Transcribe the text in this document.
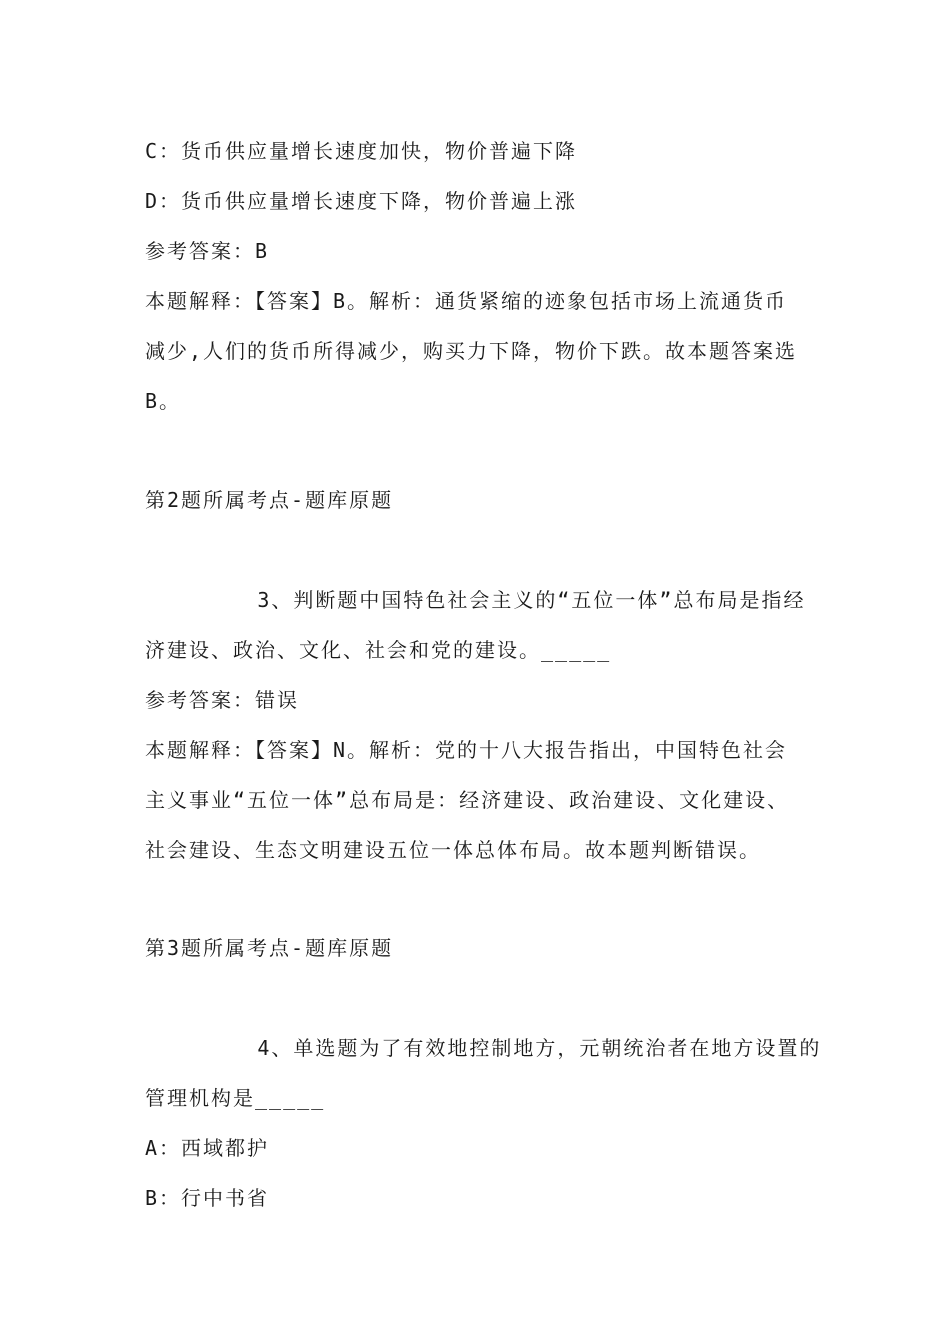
C：货币供应量增长速度加快，物价普遍下降

D：货币供应量增长速度下降，物价普遍上涨

参考答案：B

本题解释：【答案】B。解析：通货紧缩的迹象包括市场上流通货币

减少,人们的货币所得减少，购买力下降，物价下跌。故本题答案选

B。

第2题所属考点-题库原题

3、判断题中国特色社会主义的“五位一体”总布局是指经

济建设、政治、文化、社会和党的建设。_____

参考答案：错误

本题解释：【答案】N。解析：党的十八大报告指出，中国特色社会

主义事业“五位一体”总布局是：经济建设、政治建设、文化建设、

社会建设、生态文明建设五位一体总体布局。故本题判断错误。

第3题所属考点-题库原题

4、单选题为了有效地控制地方，元朝统治者在地方设置的

管理机构是_____

A：西域都护

B：行中书省
